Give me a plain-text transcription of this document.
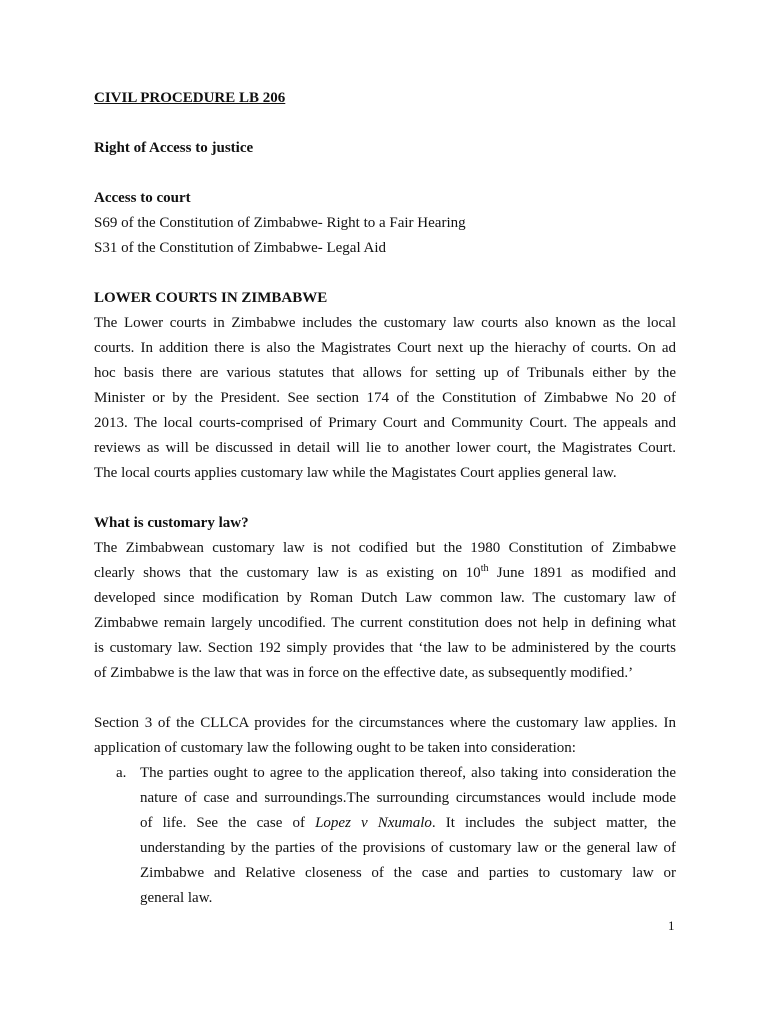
CIVIL PROCEDURE LB 206
Right of Access to justice
Access to court
S69 of the Constitution of Zimbabwe- Right to a Fair Hearing
S31 of the Constitution of Zimbabwe- Legal Aid
LOWER COURTS IN ZIMBABWE
The Lower courts in Zimbabwe includes the customary law courts also known as the local
courts. In addition there is also the Magistrates Court next up the hierachy of courts. On ad
hoc basis there are various statutes that allows for setting up of Tribunals either by the
Minister or by the President. See section 174 of the Constitution of Zimbabwe No 20 of
2013. The local courts-comprised of Primary Court and Community Court. The appeals and
reviews as will be discussed in detail will lie to another lower court, the Magistrates Court.
The local courts applies customary law while the Magistates Court applies general law.
What is customary law?
The Zimbabwean customary law is not codified but the 1980 Constitution of Zimbabwe
clearly shows that the customary law is as existing on 10th June 1891 as modified and
developed since modification by Roman Dutch Law common law. The customary law of
Zimbabwe remain largely uncodified. The current constitution does not help in defining what
is customary law. Section 192 simply provides that ‘the law to be administered by the courts
of Zimbabwe is the law that was in force on the effective date, as subsequently modified.’
Section 3 of the CLLCA provides for the circumstances where the customary law applies. In
application of customary law the following ought to be taken into consideration:
a. The parties ought to agree to the application thereof, also taking into consideration the
nature of case and surroundings.The surrounding circumstances would include mode
of life. See the case of Lopez v Nxumalo. It includes the subject matter, the
understanding by the parties of the provisions of customary law or the general law of
Zimbabwe and Relative closeness of the case and parties to customary law or
general law.
1
